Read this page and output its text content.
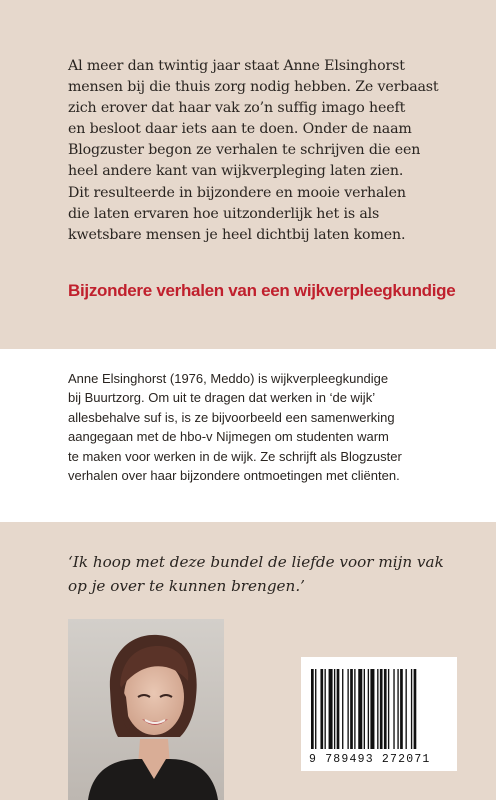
Al meer dan twintig jaar staat Anne Elsinghorst
mensen bij die thuis zorg nodig hebben. Ze verbaast
zich erover dat haar vak zo’n suffig imago heeft
en besloot daar iets aan te doen. Onder de naam
Blogzuster begon ze verhalen te schrijven die een
heel andere kant van wijkverpleging laten zien.
Dit resulteerde in bijzondere en mooie verhalen
die laten ervaren hoe uitzonderlijk het is als
kwetsbare mensen je heel dichtbij laten komen.
Bijzondere verhalen van een wijkverpleegkundige
Anne Elsinghorst (1976, Meddo) is wijkverpleegkundige
bij Buurtzorg. Om uit te dragen dat werken in ‘de wijk’
allesbehalve suf is, is ze bijvoorbeeld een samenwerking
aangegaan met de hbo-v Nijmegen om studenten warm
te maken voor werken in de wijk. Ze schrijft als Blogzuster
verhalen over haar bijzondere ontmoetingen met cliënten.
‘Ik hoop met deze bundel de liefde voor mijn vak
op je over te kunnen brengen.’
9 789493 272071
